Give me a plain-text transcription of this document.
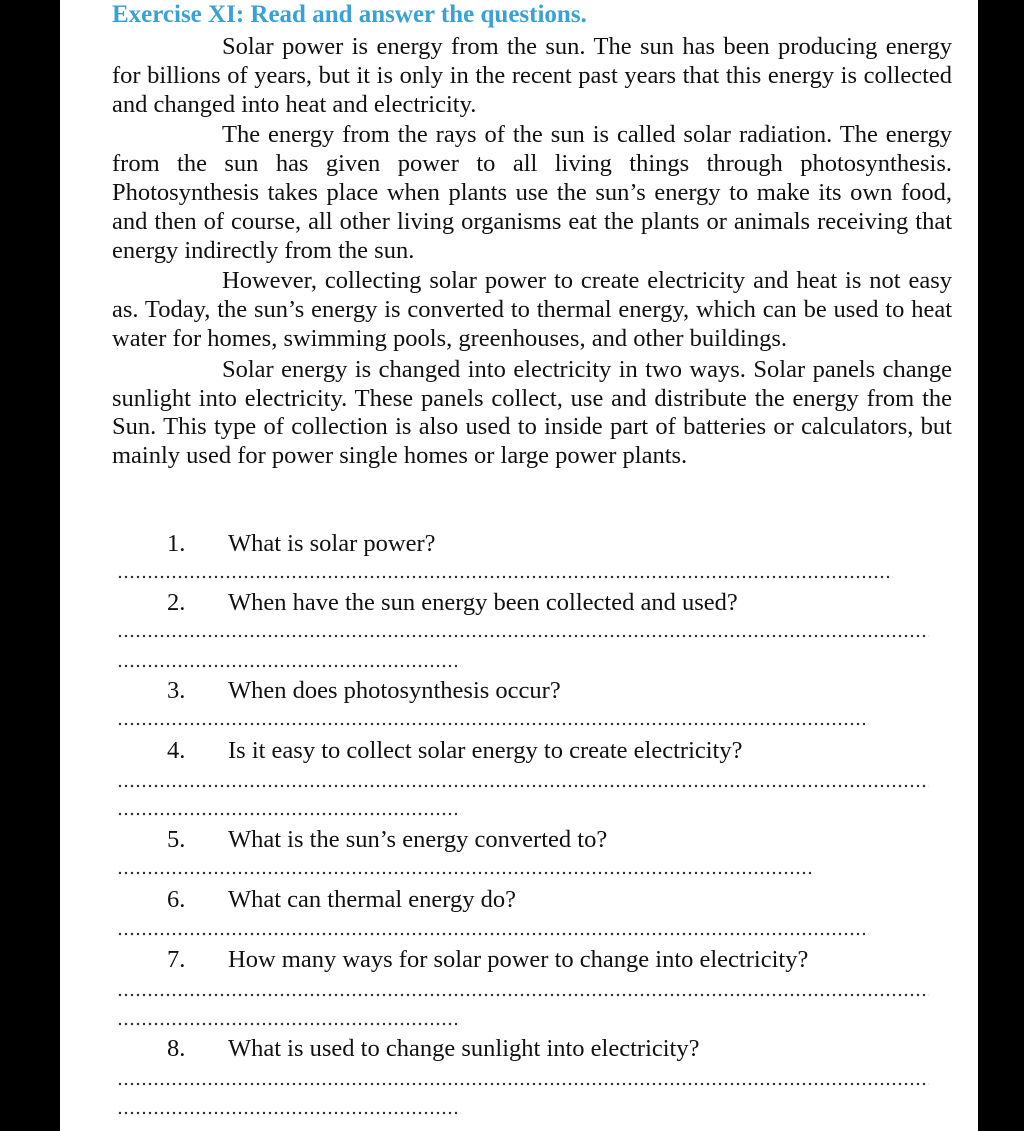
Exercise XI: Read and answer the questions.

Solar power is energy from the sun. The sun has been producing energy for billions of years, but it is only in the recent past years that this energy is collected and changed into heat and electricity.

The energy from the rays of the sun is called solar radiation. The energy from the sun has given power to all living things through photosynthesis. Photosynthesis takes place when plants use the sun’s energy to make its own food, and then of course, all other living organisms eat the plants or animals receiving that energy indirectly from the sun.

However, collecting solar power to create electricity and heat is not easy as. Today, the sun’s energy is converted to thermal energy, which can be used to heat water for homes, swimming pools, greenhouses, and other buildings.

Solar energy is changed into electricity in two ways. Solar panels change sunlight into electricity. These panels collect, use and distribute the energy from the Sun. This type of collection is also used to inside part of batteries or calculators, but mainly used for power single homes or large power plants.

1. What is solar power?
2. When have the sun energy been collected and used?
3. When does photosynthesis occur?
4. Is it easy to collect solar energy to create electricity?
5. What is the sun’s energy converted to?
6. What can thermal energy do?
7. How many ways for solar power to change into electricity?
8. What is used to change sunlight into electricity?
